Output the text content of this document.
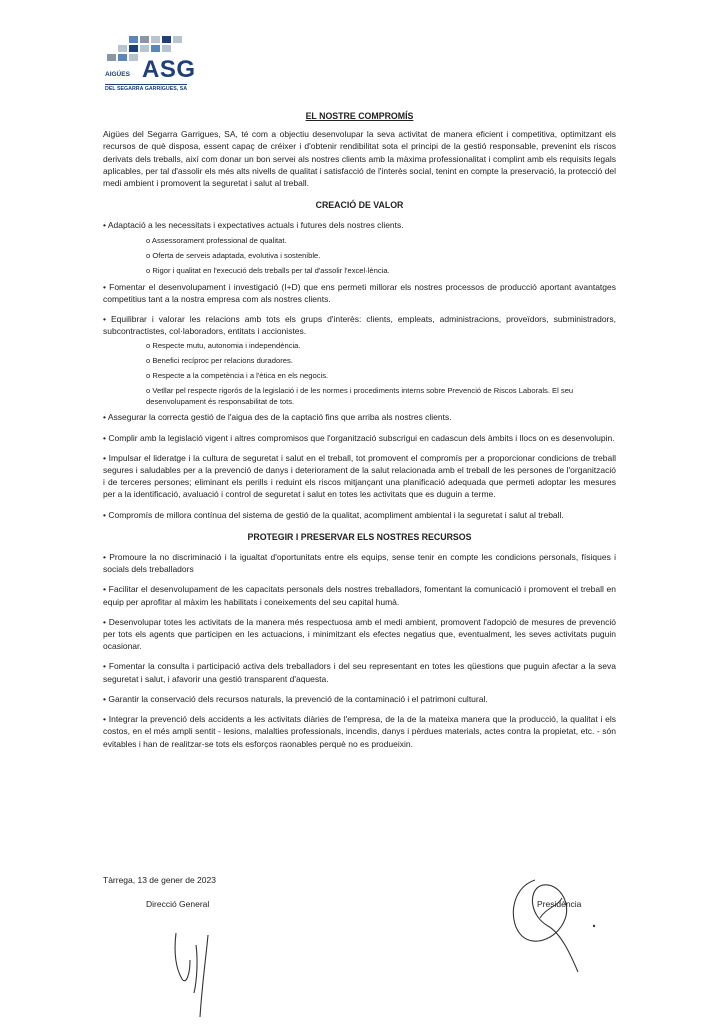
ASG
AIGÜES
DEL SEGARRA GARRIGUES, SA
EL NOSTRE COMPROMÍS

Aigües del Segarra Garrigues, SA, té com a objectiu desenvolupar la seva activitat de manera eficient i competitiva, optimitzant els recursos de què disposa, essent capaç de créixer i d'obtenir rendibilitat sota el principi de la gestió responsable, prevenint els riscos derivats dels treballs, així com donar un bon servei als nostres clients amb la màxima professionalitat i complint amb els requisits legals aplicables, per tal d'assolir els més alts nivells de qualitat i satisfacció de l'interès social, tenint en compte la preservació, la protecció del medi ambient i promovent la seguretat i salut al treball.

CREACIÓ DE VALOR

• Adaptació a les necessitats i expectatives actuals i futures dels nostres clients.

o Assessorament professional de qualitat.
o Oferta de serveis adaptada, evolutiva i sostenible.
o Rigor i qualitat en l'execució dels treballs per tal d'assolir l'excel·lència.

• Fomentar el desenvolupament i investigació (I+D) que ens permeti millorar els nostres processos de producció aportant avantatges competitius tant a la nostra empresa com als nostres clients.

• Equilibrar i valorar les relacions amb tots els grups d'interès: clients, empleats, administracions, proveïdors, subministradors, subcontractistes, col·laboradors, entitats i accionistes.

o Respecte mutu, autonomia i independència.
o Benefici recíproc per relacions duradores.
o Respecte a la competència i a l'ètica en els negocis.
o Vetllar pel respecte rigorós de la legislació i de les normes i procediments interns sobre Prevenció de Riscos Laborals. El seu desenvolupament és responsabilitat de tots.

• Assegurar la correcta gestió de l'aigua des de la captació fins que arriba als nostres clients.

• Complir amb la legislació vigent i altres compromisos que l'organització subscrigui en cadascun dels àmbits i llocs on es desenvolupin.

• Impulsar el lideratge i la cultura de seguretat i salut en el treball, tot promovent el compromís per a proporcionar condicions de treball segures i saludables per a la prevenció de danys i deteriorament de la salut relacionada amb el treball de les persones de l'organització i de terceres persones; eliminant els perills i reduint els riscos mitjançant una planificació adequada que permeti adoptar les mesures per a la identificació, avaluació i control de seguretat i salut en totes les activitats que es duguin a terme.

• Compromís de millora contínua del sistema de gestió de la qualitat, acompliment ambiental i la seguretat i salut al treball.

PROTEGIR I PRESERVAR ELS NOSTRES RECURSOS

• Promoure la no discriminació i la igualtat d'oportunitats entre els equips, sense tenir en compte les condicions personals, físiques i socials dels treballadors

• Facilitar el desenvolupament de les capacitats personals dels nostres treballadors, fomentant la comunicació i promovent el treball en equip per aprofitar al màxim les habilitats i coneixements del seu capital humà.

• Desenvolupar totes les activitats de la manera més respectuosa amb el medi ambient, promovent l'adopció de mesures de prevenció per tots els agents que participen en les actuacions, i minimitzant els efectes negatius que, eventualment, les seves activitats puguin ocasionar.

• Fomentar la consulta i participació activa dels treballadors i del seu representant en totes les qüestions que puguin afectar a la seva seguretat i salut, i afavorir una gestió transparent d'aquesta.

• Garantir la conservació dels recursos naturals, la prevenció de la contaminació i el patrimoni cultural.

• Integrar la prevenció dels accidents a les activitats diàries de l'empresa, de la de la mateixa manera que la producció, la qualitat i els costos, en el més ampli sentit - lesions, malalties professionals, incendis, danys i pèrdues materials, actes contra la propietat, etc. - són evitables i han de realitzar-se tots els esforços raonables perquè no es produeixin.

Tàrrega, 13 de gener de 2023
Direcció General	Presidència
